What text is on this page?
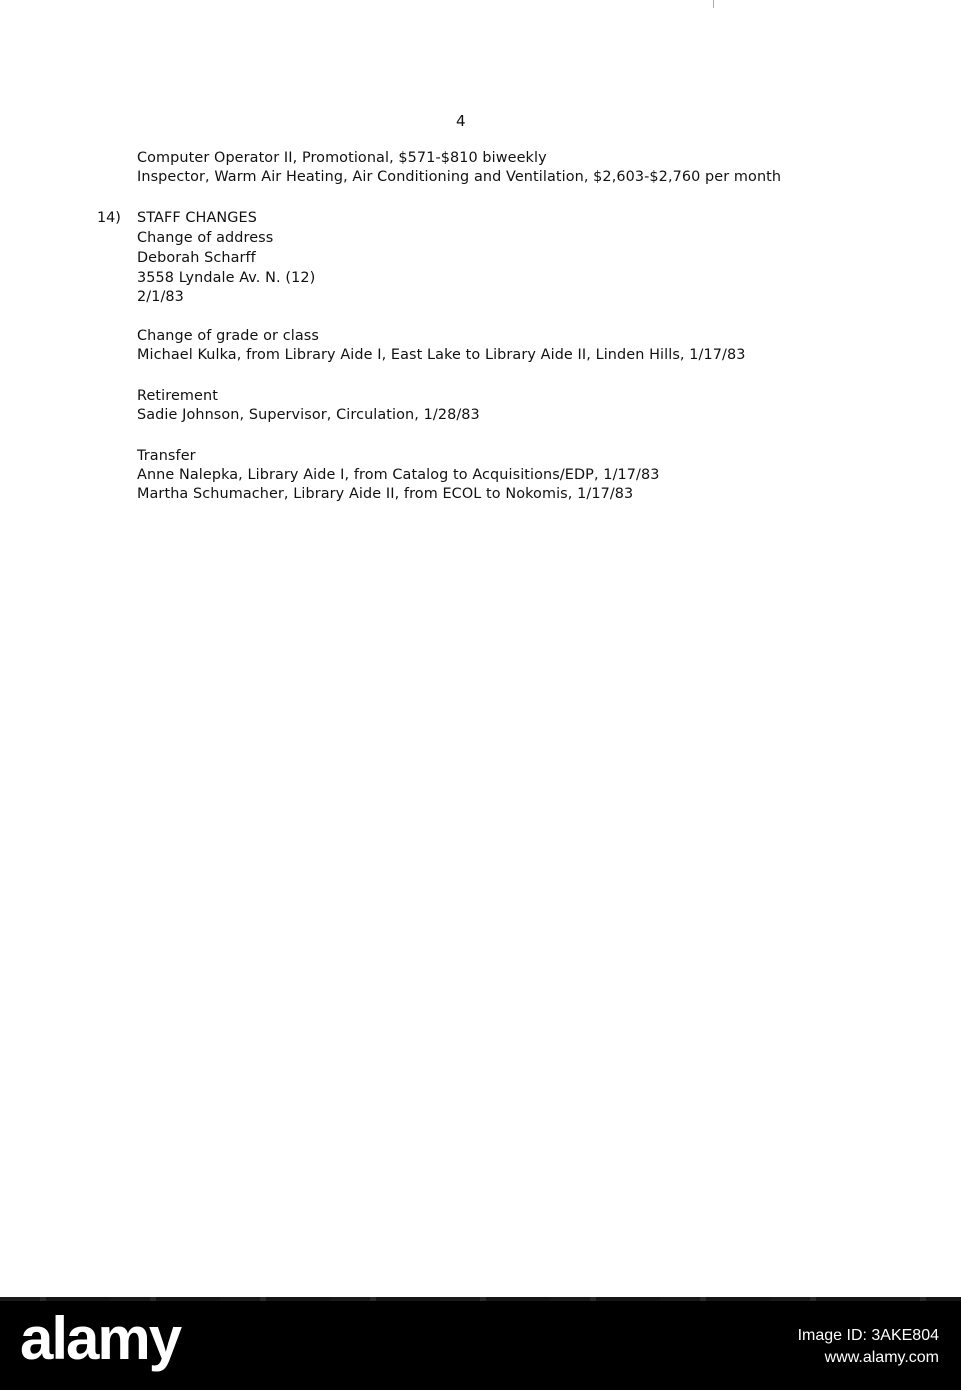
4
Computer Operator II, Promotional, $571-$810 biweekly
Inspector, Warm Air Heating, Air Conditioning and Ventilation, $2,603-$2,760 per month
14) STAFF CHANGES
Change of address
Deborah Scharff
3558 Lyndale Av. N. (12)
2/1/83
Change of grade or class
Michael Kulka, from Library Aide I, East Lake to Library Aide II, Linden Hills, 1/17/83
Retirement
Sadie Johnson, Supervisor, Circulation, 1/28/83
Transfer
Anne Nalepka, Library Aide I, from Catalog to Acquisitions/EDP, 1/17/83
Martha Schumacher, Library Aide II, from ECOL to Nokomis, 1/17/83
alamy	Image ID: 3AKE804
www.alamy.com
